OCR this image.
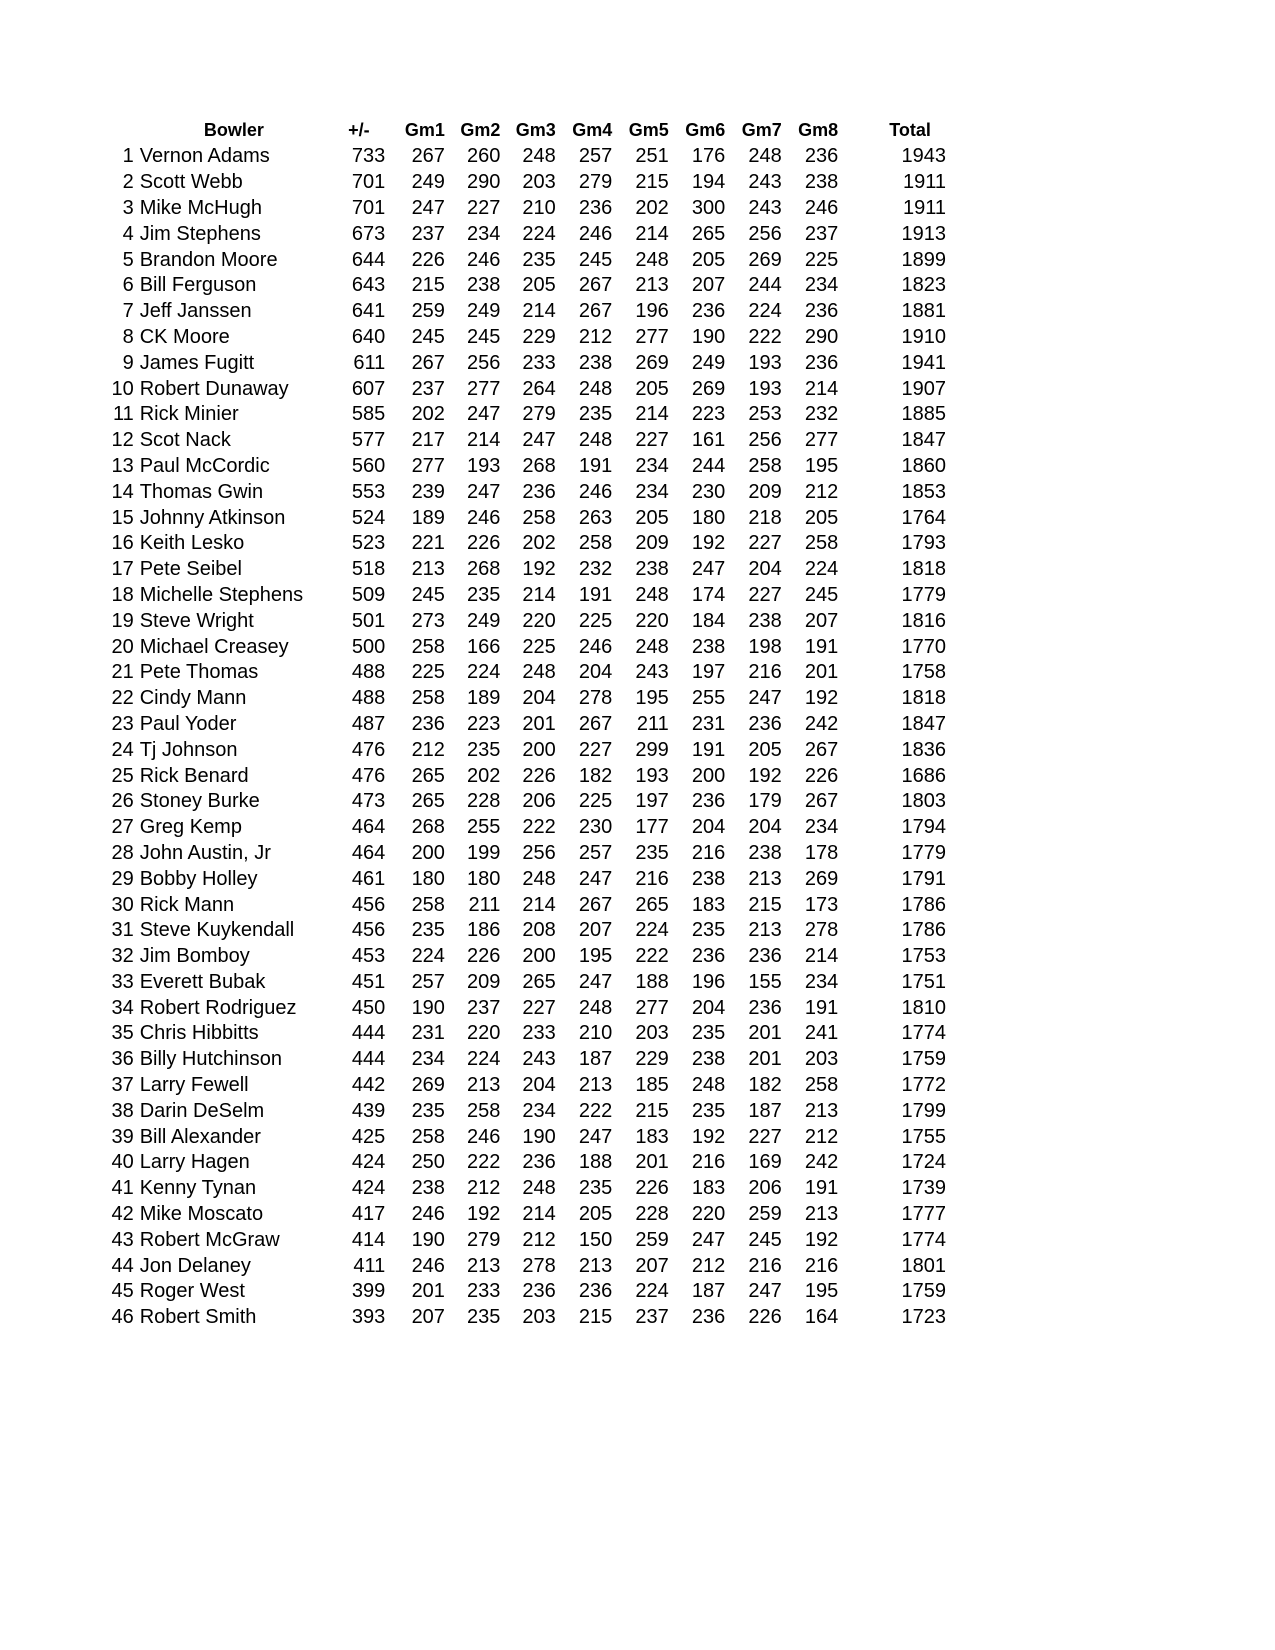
	Bowler	+/-	Gm1	Gm2	Gm3	Gm4	Gm5	Gm6	Gm7	Gm8	Total
1	Vernon Adams	733	267	260	248	257	251	176	248	236	1943
2	Scott Webb	701	249	290	203	279	215	194	243	238	1911
3	Mike McHugh	701	247	227	210	236	202	300	243	246	1911
4	Jim Stephens	673	237	234	224	246	214	265	256	237	1913
5	Brandon Moore	644	226	246	235	245	248	205	269	225	1899
6	Bill Ferguson	643	215	238	205	267	213	207	244	234	1823
7	Jeff Janssen	641	259	249	214	267	196	236	224	236	1881
8	CK Moore	640	245	245	229	212	277	190	222	290	1910
9	James Fugitt	611	267	256	233	238	269	249	193	236	1941
10	Robert Dunaway	607	237	277	264	248	205	269	193	214	1907
11	Rick Minier	585	202	247	279	235	214	223	253	232	1885
12	Scot Nack	577	217	214	247	248	227	161	256	277	1847
13	Paul McCordic	560	277	193	268	191	234	244	258	195	1860
14	Thomas Gwin	553	239	247	236	246	234	230	209	212	1853
15	Johnny Atkinson	524	189	246	258	263	205	180	218	205	1764
16	Keith Lesko	523	221	226	202	258	209	192	227	258	1793
17	Pete Seibel	518	213	268	192	232	238	247	204	224	1818
18	Michelle Stephens	509	245	235	214	191	248	174	227	245	1779
19	Steve Wright	501	273	249	220	225	220	184	238	207	1816
20	Michael Creasey	500	258	166	225	246	248	238	198	191	1770
21	Pete Thomas	488	225	224	248	204	243	197	216	201	1758
22	Cindy Mann	488	258	189	204	278	195	255	247	192	1818
23	Paul Yoder	487	236	223	201	267	211	231	236	242	1847
24	Tj Johnson	476	212	235	200	227	299	191	205	267	1836
25	Rick Benard	476	265	202	226	182	193	200	192	226	1686
26	Stoney Burke	473	265	228	206	225	197	236	179	267	1803
27	Greg Kemp	464	268	255	222	230	177	204	204	234	1794
28	John Austin, Jr	464	200	199	256	257	235	216	238	178	1779
29	Bobby Holley	461	180	180	248	247	216	238	213	269	1791
30	Rick Mann	456	258	211	214	267	265	183	215	173	1786
31	Steve Kuykendall	456	235	186	208	207	224	235	213	278	1786
32	Jim Bomboy	453	224	226	200	195	222	236	236	214	1753
33	Everett Bubak	451	257	209	265	247	188	196	155	234	1751
34	Robert Rodriguez	450	190	237	227	248	277	204	236	191	1810
35	Chris Hibbitts	444	231	220	233	210	203	235	201	241	1774
36	Billy Hutchinson	444	234	224	243	187	229	238	201	203	1759
37	Larry Fewell	442	269	213	204	213	185	248	182	258	1772
38	Darin DeSelm	439	235	258	234	222	215	235	187	213	1799
39	Bill Alexander	425	258	246	190	247	183	192	227	212	1755
40	Larry Hagen	424	250	222	236	188	201	216	169	242	1724
41	Kenny Tynan	424	238	212	248	235	226	183	206	191	1739
42	Mike Moscato	417	246	192	214	205	228	220	259	213	1777
43	Robert McGraw	414	190	279	212	150	259	247	245	192	1774
44	Jon Delaney	411	246	213	278	213	207	212	216	216	1801
45	Roger West	399	201	233	236	236	224	187	247	195	1759
46	Robert Smith	393	207	235	203	215	237	236	226	164	1723
